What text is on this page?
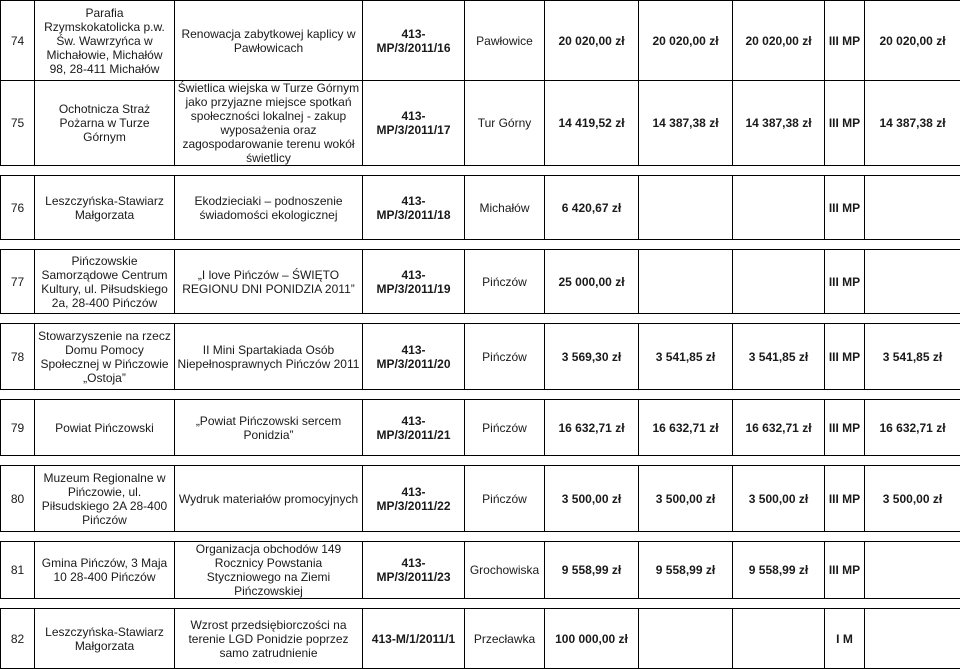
74	Parafia Rzymskokatolicka p.w. Św. Wawrzyńca w Michałowie, Michałów 98, 28-411 Michałów	Renowacja zabytkowej kaplicy w Pawłowicach	413-MP/3/2011/16	Pawłowice	20 020,00 zł	20 020,00 zł	20 020,00 zł	III MP	20 020,00 zł
75	Ochotnicza Straż Pożarna w Turze Górnym	Świetlica wiejska w Turze Górnym jako przyjazne miejsce spotkań społeczności lokalnej - zakup wyposażenia oraz zagospodarowanie terenu wokół świetlicy	413-MP/3/2011/17	Tur Górny	14 419,52 zł	14 387,38 zł	14 387,38 zł	III MP	14 387,38 zł

76	Leszczyńska-Stawiarz Małgorzata	Ekodzieciaki – podnoszenie świadomości ekologicznej	413-MP/3/2011/18	Michałów	6 420,67 zł			III MP	

77	Pińczowskie Samorządowe Centrum Kultury, ul. Piłsudskiego 2a, 28-400 Pińczów	„I love Pińczów – ŚWIĘTO REGIONU DNI PONIDZIA 2011”	413-MP/3/2011/19	Pińczów	25 000,00 zł			III MP	

78	Stowarzyszenie na rzecz Domu Pomocy Społecznej w Pińczowie „Ostoja”	II Mini Spartakiada Osób Niepełnosprawnych Pińczów 2011	413-MP/3/2011/20	Pińczów	3 569,30 zł	3 541,85 zł	3 541,85 zł	III MP	3 541,85 zł

79	Powiat Pińczowski	„Powiat Pińczowski sercem Ponidzia”	413-MP/3/2011/21	Pińczów	16 632,71 zł	16 632,71 zł	16 632,71 zł	III MP	16 632,71 zł

80	Muzeum Regionalne w Pińczowie, ul. Piłsudskiego 2A 28-400 Pińczów	Wydruk materiałów promocyjnych	413-MP/3/2011/22	Pińczów	3 500,00 zł	3 500,00 zł	3 500,00 zł	III MP	3 500,00 zł

81	Gmina Pińczów, 3 Maja 10 28-400 Pińczów	Organizacja obchodów 149 Rocznicy Powstania Styczniowego na Ziemi Pińczowskiej	413-MP/3/2011/23	Grochowiska	9 558,99 zł	9 558,99 zł	9 558,99 zł	III MP	

82	Leszczyńska-Stawiarz Małgorzata	Wzrost przedsiębiorczości na terenie LGD Ponidzie poprzez samo zatrudnienie	413-M/1/2011/1	Przecławka	100 000,00 zł			I M	
